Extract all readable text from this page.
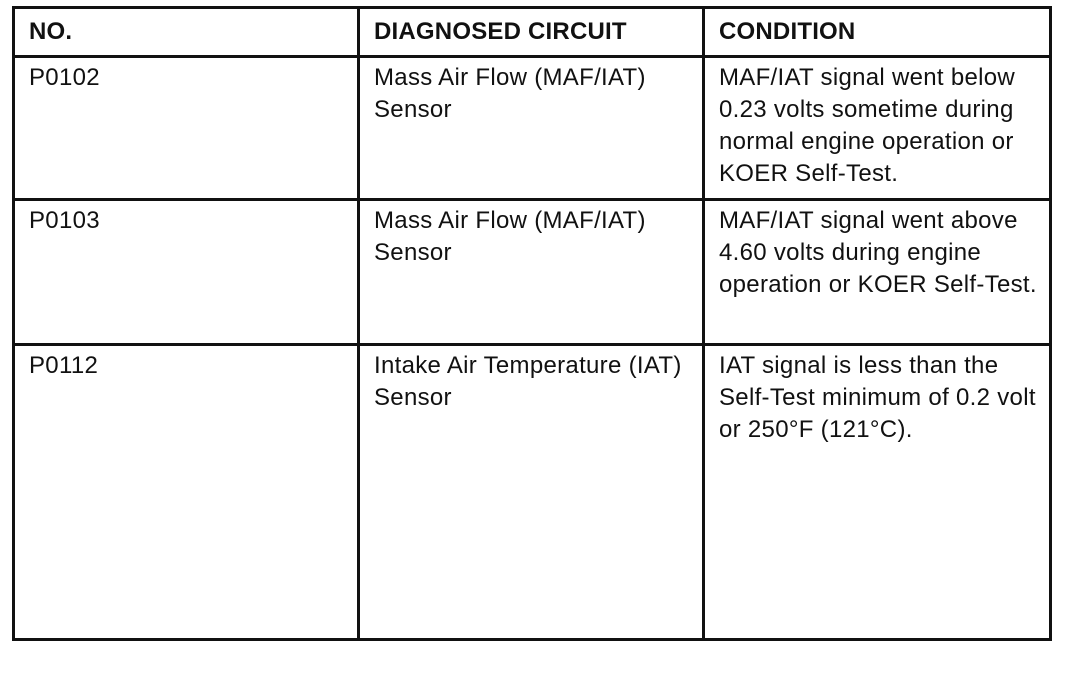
NO.	DIAGNOSED CIRCUIT	CONDITION

P0102	Mass Air Flow (MAF/IAT) Sensor	MAF/IAT signal went below 0.23 volts sometime during normal engine operation or KOER Self-Test.

P0103	Mass Air Flow (MAF/IAT) Sensor	MAF/IAT signal went above 4.60 volts during engine operation or KOER Self-Test.

P0112	Intake Air Temperature (IAT) Sensor	IAT signal is less than the Self-Test minimum of 0.2 volt or 250°F (121°C).
